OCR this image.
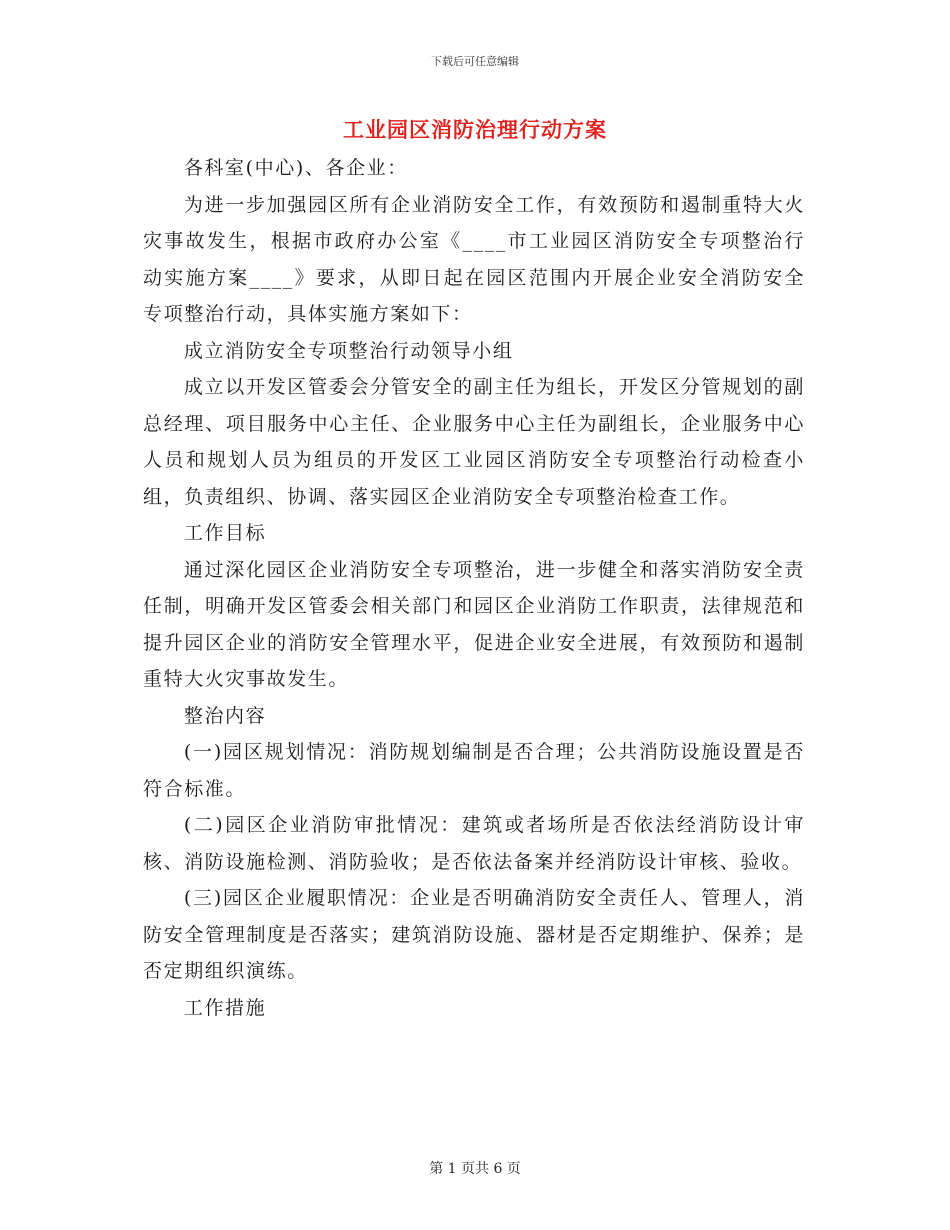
下载后可任意编辑
工业园区消防治理行动方案

各科室(中心)、各企业：

为进一步加强园区所有企业消防安全工作，有效预防和遏制重特大火灾事故发生，根据市政府办公室《____市工业园区消防安全专项整治行动实施方案____》要求，从即日起在园区范围内开展企业安全消防安全专项整治行动，具体实施方案如下：

成立消防安全专项整治行动领导小组

成立以开发区管委会分管安全的副主任为组长，开发区分管规划的副总经理、项目服务中心主任、企业服务中心主任为副组长，企业服务中心人员和规划人员为组员的开发区工业园区消防安全专项整治行动检查小组，负责组织、协调、落实园区企业消防安全专项整治检查工作。

工作目标

通过深化园区企业消防安全专项整治，进一步健全和落实消防安全责任制，明确开发区管委会相关部门和园区企业消防工作职责，法律规范和提升园区企业的消防安全管理水平，促进企业安全进展，有效预防和遏制重特大火灾事故发生。

整治内容

(一)园区规划情况：消防规划编制是否合理；公共消防设施设置是否符合标准。

(二)园区企业消防审批情况：建筑或者场所是否依法经消防设计审核、消防设施检测、消防验收；是否依法备案并经消防设计审核、验收。

(三)园区企业履职情况：企业是否明确消防安全责任人、管理人，消防安全管理制度是否落实；建筑消防设施、器材是否定期维护、保养；是否定期组织演练。

工作措施

第 1 页共 6 页
